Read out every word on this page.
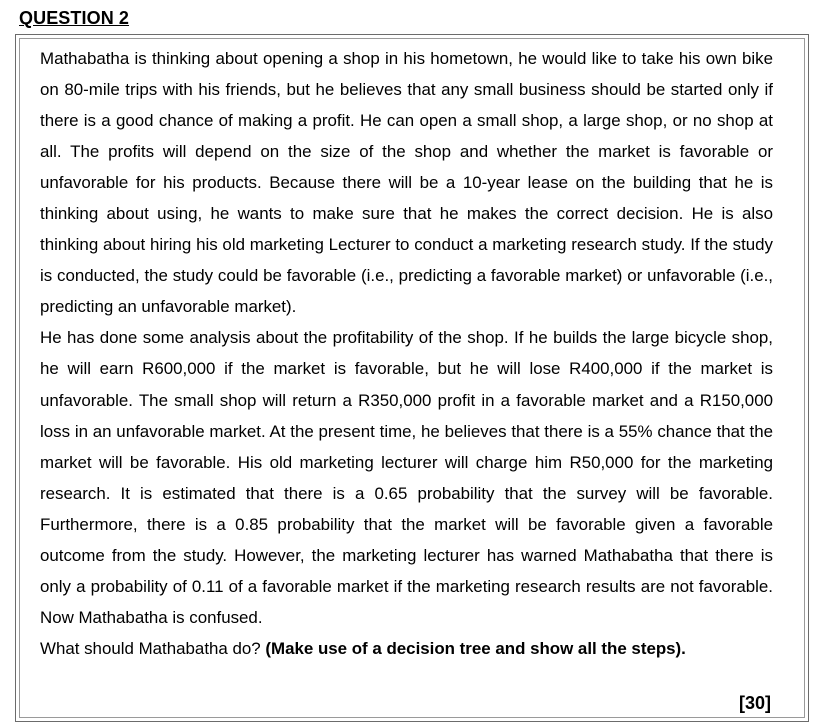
QUESTION 2

Mathabatha is thinking about opening a shop in his hometown, he would like to take his own bike on 80-mile trips with his friends, but he believes that any small business should be started only if there is a good chance of making a profit. He can open a small shop, a large shop, or no shop at all. The profits will depend on the size of the shop and whether the market is favorable or unfavorable for his products. Because there will be a 10-year lease on the building that he is thinking about using, he wants to make sure that he makes the correct decision. He is also thinking about hiring his old marketing Lecturer to conduct a marketing research study. If the study is conducted, the study could be favorable (i.e., predicting a favorable market) or unfavorable (i.e., predicting an unfavorable market).

He has done some analysis about the profitability of the shop. If he builds the large bicycle shop, he will earn R600,000 if the market is favorable, but he will lose R400,000 if the market is unfavorable. The small shop will return a R350,000 profit in a favorable market and a R150,000 loss in an unfavorable market. At the present time, he believes that there is a 55% chance that the market will be favorable. His old marketing lecturer will charge him R50,000 for the marketing research. It is estimated that there is a 0.65 probability that the survey will be favorable. Furthermore, there is a 0.85 probability that the market will be favorable given a favorable outcome from the study. However, the marketing lecturer has warned Mathabatha that there is only a probability of 0.11 of a favorable market if the marketing research results are not favorable. Now Mathabatha is confused.

What should Mathabatha do? (Make use of a decision tree and show all the steps).

[30]
